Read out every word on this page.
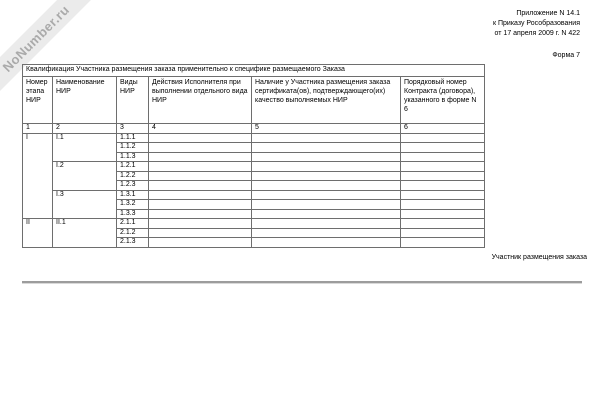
NoNumber.ru	Приложение N 14.1
к Приказу Рособразования
от 17 апреля 2009 г. N 422
Форма 7
Квалификация Участника размещения заказа применительно к специфике размещаемого Заказа					
Номер этапа НИР	Наименование НИР	Виды НИР	Действия Исполнителя при выполнении отдельного вида НИР	Наличие у Участника размещения заказа сертификата(ов), подтверждающего(их) качество выполняемых НИР	Порядковый номер Контракта (договора), указанного в форме N 6
1	2	3	4	5	6
I	I.1	1.1.1			
		1.1.2			
		1.1.3			
	I.2	1.2.1			
		1.2.2			
		1.2.3			
	I.3	1.3.1			
		1.3.2			
		1.3.3			
II	II.1	2.1.1			
		2.1.2			
		2.1.3			
Участник размещения заказа
